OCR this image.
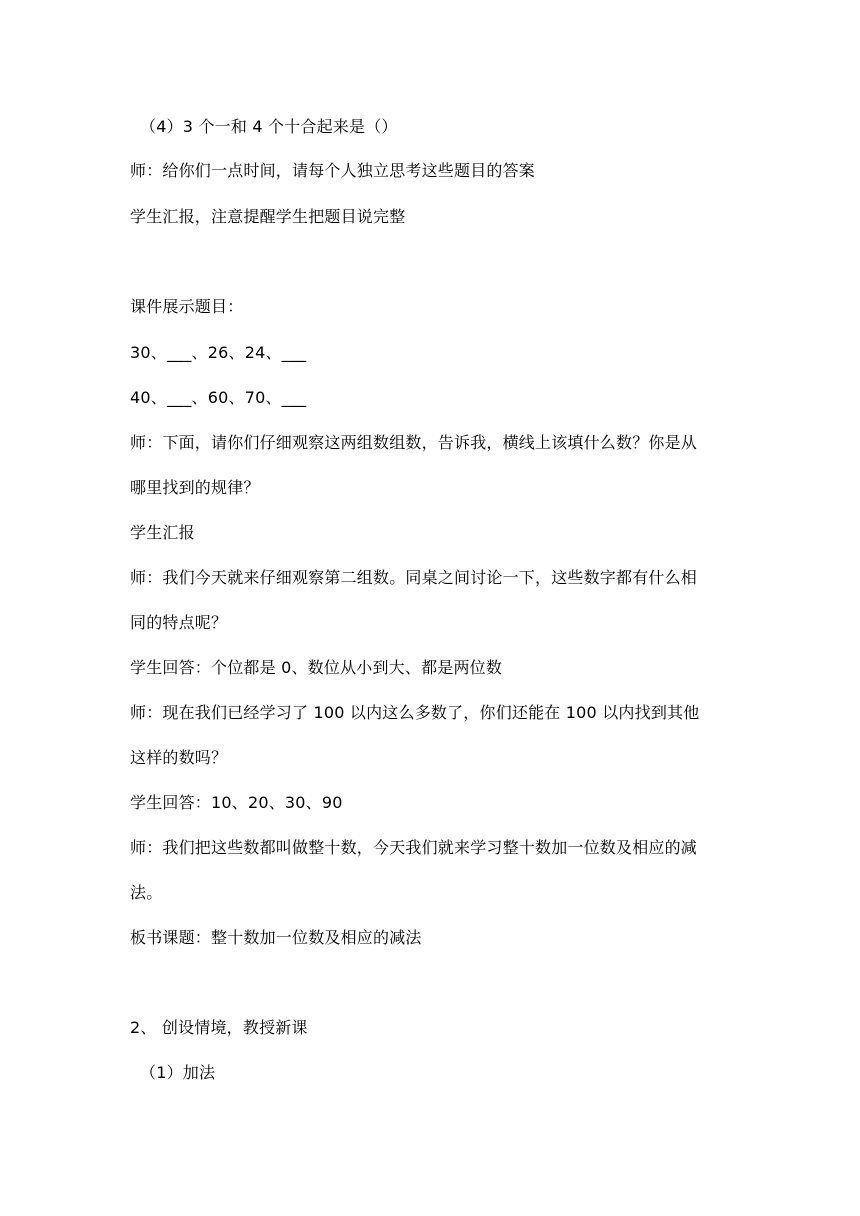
（4）3 个一和 4 个十合起来是（）
师：给你们一点时间，请每个人独立思考这些题目的答案
学生汇报，注意提醒学生把题目说完整
课件展示题目：
30、___、26、24、___
40、___、60、70、___
师：下面，请你们仔细观察这两组数组数，告诉我，横线上该填什么数？你是从
哪里找到的规律？
学生汇报
师：我们今天就来仔细观察第二组数。同桌之间讨论一下，这些数字都有什么相
同的特点呢？
学生回答：个位都是 0、数位从小到大、都是两位数
师：现在我们已经学习了 100 以内这么多数了，你们还能在 100 以内找到其他
这样的数吗？
学生回答：10、20、30、90
师：我们把这些数都叫做整十数，今天我们就来学习整十数加一位数及相应的减
法。
板书课题：整十数加一位数及相应的减法
2、 创设情境，教授新课
（1）加法
